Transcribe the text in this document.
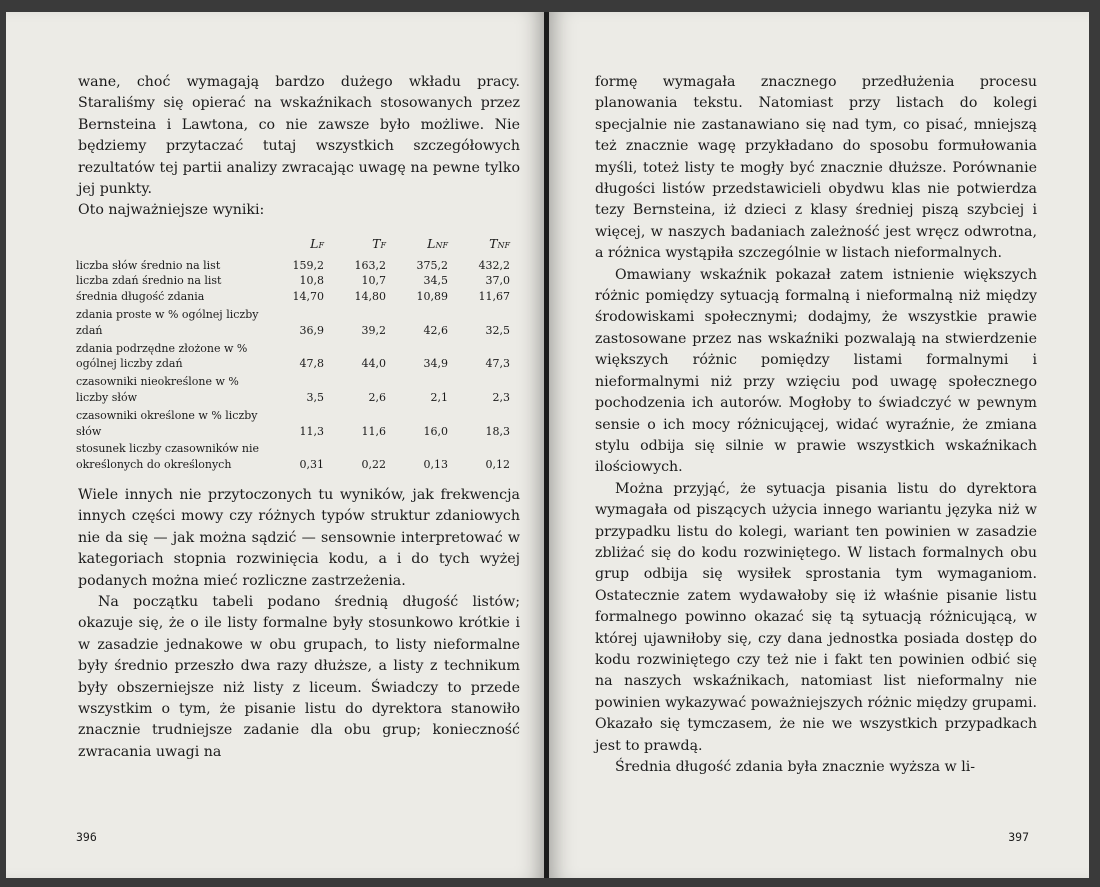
wane, choć wymagają bardzo dużego wkładu pracy. Staraliśmy się opierać na wskaźnikach stosowanych przez Bernsteina i Lawtona, co nie zawsze było możliwe. Nie będziemy przytaczać tutaj wszystkich szczegółowych rezultatów tej partii analizy zwracając uwagę na pewne tylko jej punkty.

Oto najważniejsze wyniki:

	LF	TF	LNF	TNF
liczba słów średnio na list	159,2	163,2	375,2	432,2
liczba zdań średnio na list	10,8	10,7	34,5	37,0
średnia długość zdania	14,70	14,80	10,89	11,67
zdania proste w % ogólnej liczby zdań	36,9	39,2	42,6	32,5
zdania podrzędne złożone w % ogólnej liczby zdań	47,8	44,0	34,9	47,3
czasowniki nieokreślone w % liczby słów	3,5	2,6	2,1	2,3
czasowniki określone w % liczby słów	11,3	11,6	16,0	18,3
stosunek liczby czasowników nie określonych do określonych	0,31	0,22	0,13	0,12

Wiele innych nie przytoczonych tu wyników, jak frekwencja innych części mowy czy różnych typów struktur zdaniowych nie da się — jak można sądzić — sensownie interpretować w kategoriach stopnia rozwinięcia kodu, a i do tych wyżej podanych można mieć rozliczne zastrzeżenia.

Na początku tabeli podano średnią długość listów; okazuje się, że o ile listy formalne były stosunkowo krótkie i w zasadzie jednakowe w obu grupach, to listy nieformalne były średnio przeszło dwa razy dłuższe, a listy z technikum były obszerniejsze niż listy z liceum. Świadczy to przede wszystkim o tym, że pisanie listu do dyrektora stanowiło znacznie trudniejsze zadanie dla obu grup; konieczność zwracania uwagi na

396

formę wymagała znacznego przedłużenia procesu planowania tekstu. Natomiast przy listach do kolegi specjalnie nie zastanawiano się nad tym, co pisać, mniejszą też znacznie wagę przykładano do sposobu formułowania myśli, toteż listy te mogły być znacznie dłuższe. Porównanie długości listów przedstawicieli obydwu klas nie potwierdza tezy Bernsteina, iż dzieci z klasy średniej piszą szybciej i więcej, w naszych badaniach zależność jest wręcz odwrotna, a różnica wystąpiła szczególnie w listach nieformalnych.

Omawiany wskaźnik pokazał zatem istnienie większych różnic pomiędzy sytuacją formalną i nieformalną niż między środowiskami społecznymi; dodajmy, że wszystkie prawie zastosowane przez nas wskaźniki pozwalają na stwierdzenie większych różnic pomiędzy listami formalnymi i nieformalnymi niż przy wzięciu pod uwagę społecznego pochodzenia ich autorów. Mogłoby to świadczyć w pewnym sensie o ich mocy różnicującej, widać wyraźnie, że zmiana stylu odbija się silnie w prawie wszystkich wskaźnikach ilościowych.

Można przyjąć, że sytuacja pisania listu do dyrektora wymagała od piszących użycia innego wariantu języka niż w przypadku listu do kolegi, wariant ten powinien w zasadzie zbliżać się do kodu rozwiniętego. W listach formalnych obu grup odbija się wysiłek sprostania tym wymaganiom. Ostatecznie zatem wydawałoby się iż właśnie pisanie listu formalnego powinno okazać się tą sytuacją różnicującą, w której ujawniłoby się, czy dana jednostka posiada dostęp do kodu rozwiniętego czy też nie i fakt ten powinien odbić się na naszych wskaźnikach, natomiast list nieformalny nie powinien wykazywać poważniejszych różnic między grupami. Okazało się tymczasem, że nie we wszystkich przypadkach jest to prawdą.

Średnia długość zdania była znacznie wyższa w li-

397
